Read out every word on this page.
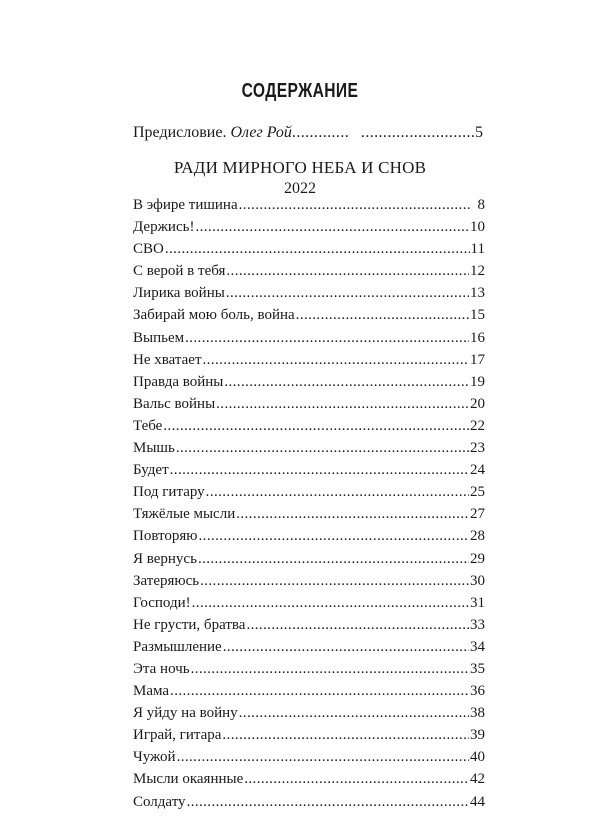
СОДЕРЖАНИЕ
Предисловие.
Олег Рой ............. .....	5
РАДИ МИРНОГО НЕБА И СНОВ
2022
В эфире тишина .....	8
Держись! .....	10
СВО .....	11
С верой в тебя .....	12
Лирика войны .....	13
Забирай мою боль, война .....	15
Выпьем .....	16
Не хватает .....	17
Правда войны .....	19
Вальс войны .....	20
Тебе .....	22
Мышь .....	23
Будет .....	24
Под гитару .....	25
Тяжёлые мысли .....	27
Повторяю .....	28
Я вернусь .....	29
Затеряюсь .....	30
Господи! .....	31
Не грусти, братва .....	33
Размышление .....	34
Эта ночь .....	35
Мама .....	36
Я уйду на войну .....	38
Играй, гитара .....	39
Чужой .....	40
Мысли окаянные .....	42
Солдату .....	44
